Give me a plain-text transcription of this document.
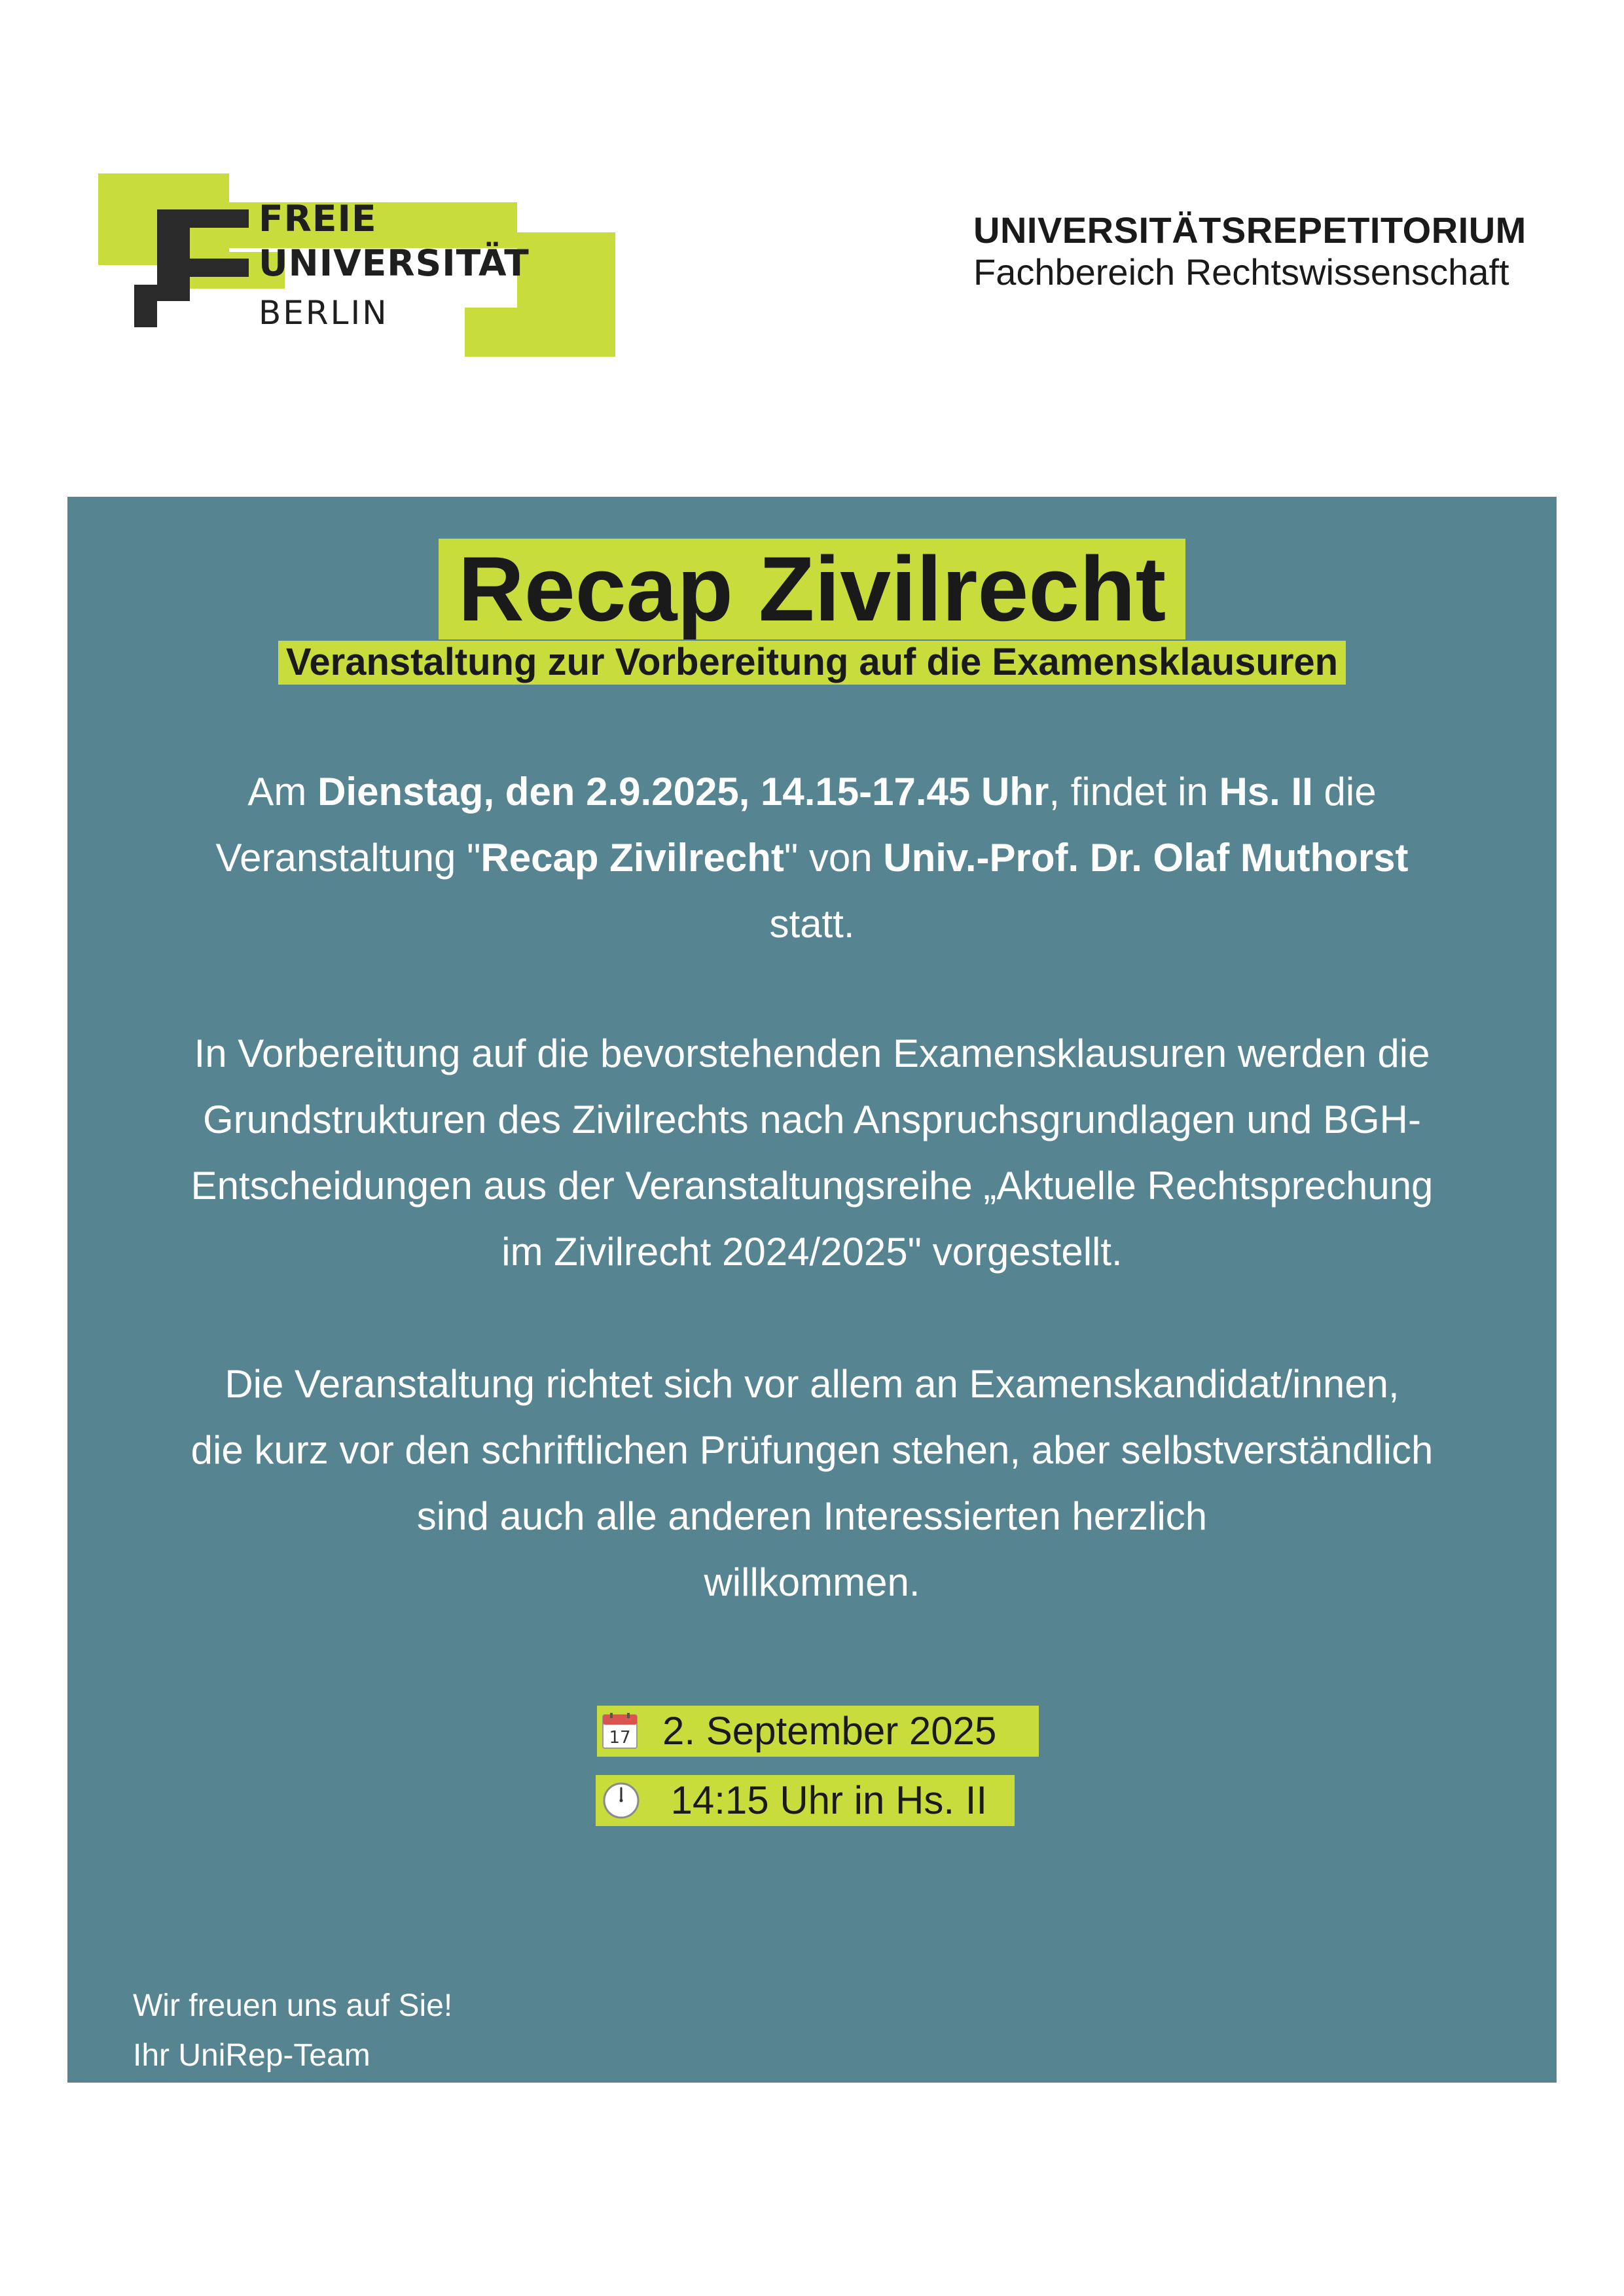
FREIE
UNIVERSITÄT
BERLIN
UNIVERSITÄTSREPETITORIUM
Fachbereich Rechtswissenschaft
Recap Zivilrecht
Veranstaltung zur Vorbereitung auf die Examensklausuren
Am Dienstag, den 2.9.2025, 14.15-17.45 Uhr, findet in Hs. II die
Veranstaltung "Recap Zivilrecht" von Univ.-Prof. Dr. Olaf Muthorst
statt.
In Vorbereitung auf die bevorstehenden Examensklausuren werden die
Grundstrukturen des Zivilrechts nach Anspruchsgrundlagen und BGH-
Entscheidungen aus der Veranstaltungsreihe „Aktuelle Rechtsprechung
im Zivilrecht 2024/2025" vorgestellt.
Die Veranstaltung richtet sich vor allem an Examenskandidat/innen,
die kurz vor den schriftlichen Prüfungen stehen, aber selbstverständlich
sind auch alle anderen Interessierten herzlich
willkommen.
17 2. September 2025
14:15 Uhr in Hs. II
Wir freuen uns auf Sie!
Ihr UniRep-Team
